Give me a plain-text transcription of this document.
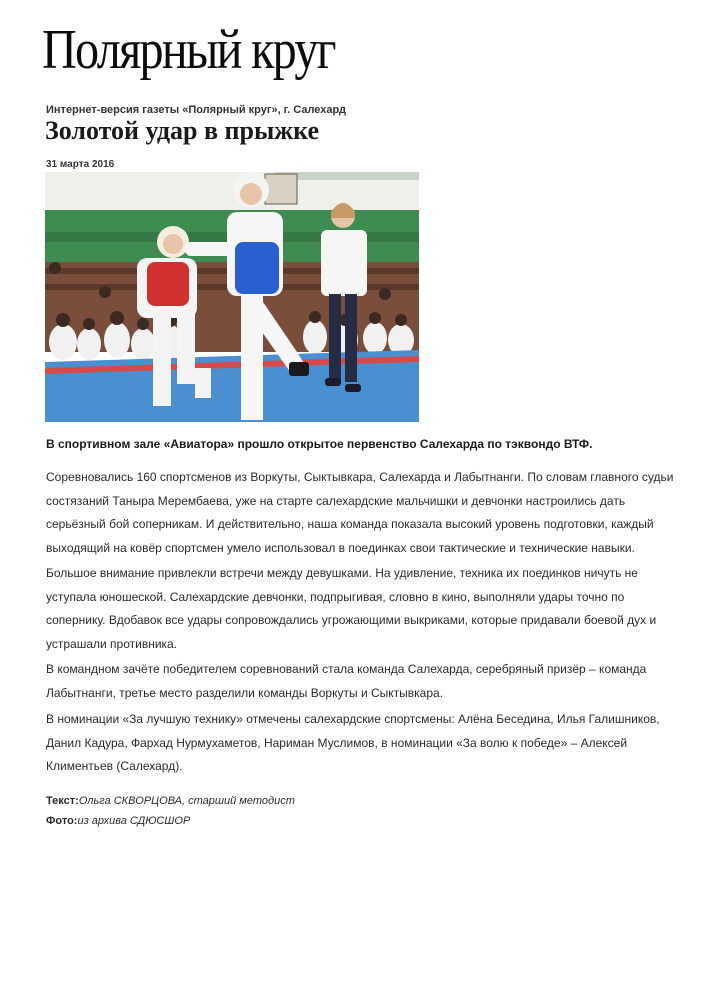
Полярный круг
Интернет-версия газеты «Полярный круг», г. Салехард
Золотой удар в прыжке
31 марта 2016
В спортивном зале «Авиатора» прошло открытое первенство Салехарда по тэквондо ВТФ.

Соревновались 160 спортсменов из Воркуты, Сыктывкара, Салехарда и Лабытнанги. По словам главного судьи состязаний Таныра Мерембаева, уже на старте салехардские мальчишки и девчонки настроились дать серьёзный бой соперникам. И действительно, наша команда показала высокий уровень подготовки, каждый выходящий на ковёр спортсмен умело использовал в поединках свои тактические и технические навыки.

Большое внимание привлекли встречи между девушками. На удивление, техника их поединков ничуть не уступала юношеской. Салехардские девчонки, подпрыгивая, словно в кино, выполняли удары точно по сопернику. Вдобавок все удары сопровождались угрожающими выкриками, которые придавали боевой дух и устрашали противника.

В командном зачёте победителем соревнований стала команда Салехарда, серебряный призёр – команда Лабытнанги, третье место разделили команды Воркуты и Сыктывкара.

В номинации «За лучшую технику» отмечены салехардские спортсмены: Алёна Беседина, Илья Галишников, Данил Кадура, Фархад Нурмухаметов, Нариман Муслимов, в номинации «За волю к победе» – Алексей Климентьев (Салехард).

Текст:Ольга СКВОРЦОВА, старший методист
Фото:из архива СДЮСШОР
